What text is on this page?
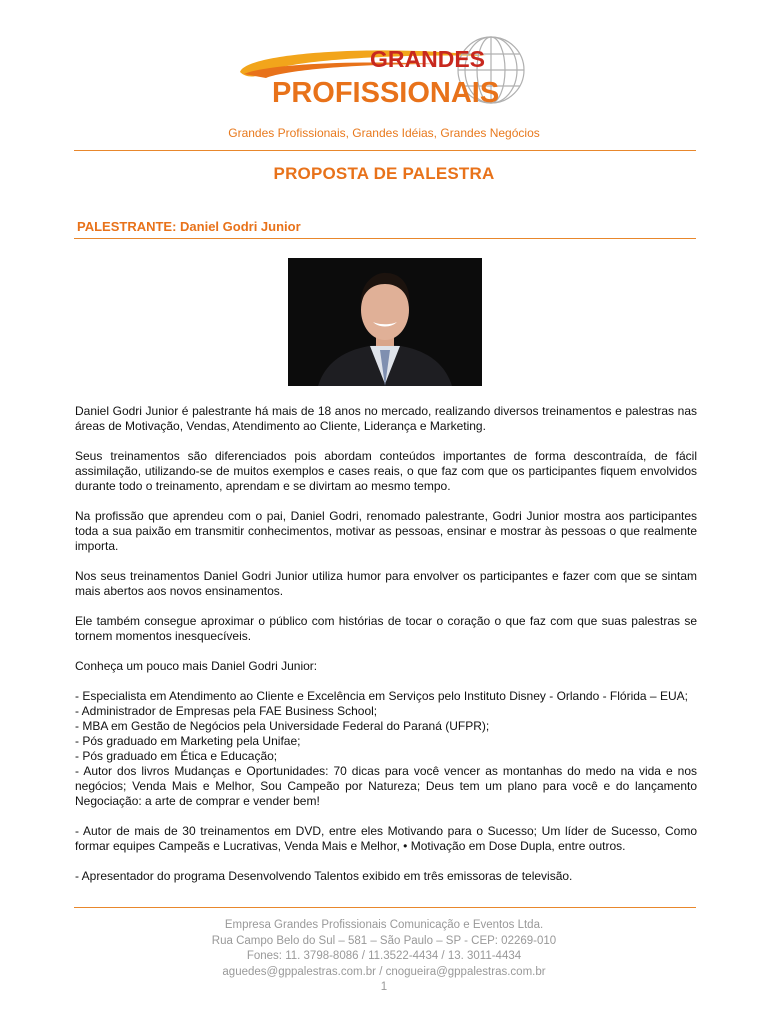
GRANDES
PROFISSIONAIS
Grandes Profissionais, Grandes Idéias, Grandes Negócios
PROPOSTA DE PALESTRA
PALESTRANTE: Daniel Godri Junior

Daniel Godri Junior é palestrante há mais de 18 anos no mercado, realizando diversos treinamentos e palestras nas áreas de Motivação, Vendas, Atendimento ao Cliente, Liderança e Marketing.

Seus treinamentos são diferenciados pois abordam conteúdos importantes de forma descontraída, de fácil assimilação, utilizando-se de muitos exemplos e cases reais, o que faz com que os participantes fiquem envolvidos durante todo o treinamento, aprendam e se divirtam ao mesmo tempo.

Na profissão que aprendeu com o pai, Daniel Godri, renomado palestrante, Godri Junior mostra aos participantes toda a sua paixão em transmitir conhecimentos, motivar as pessoas, ensinar e mostrar às pessoas o que realmente importa.

Nos seus treinamentos Daniel Godri Junior utiliza humor para envolver os participantes e fazer com que se sintam mais abertos aos novos ensinamentos.

Ele também consegue aproximar o público com histórias de tocar o coração o que faz com que suas palestras se tornem momentos inesquecíveis.

Conheça um pouco mais Daniel Godri Junior:

- Especialista em Atendimento ao Cliente e Excelência em Serviços pelo Instituto Disney - Orlando - Flórida – EUA;
- Administrador de Empresas pela FAE Business School;
- MBA em Gestão de Negócios pela Universidade Federal do Paraná (UFPR);
- Pós graduado em Marketing pela Unifae;
- Pós graduado em Ética e Educação;
- Autor dos livros Mudanças e Oportunidades: 70 dicas para você vencer as montanhas do medo na vida e nos negócios; Venda Mais e Melhor, Sou Campeão por Natureza; Deus tem um plano para você e do lançamento Negociação: a arte de comprar e vender bem!

- Autor de mais de 30 treinamentos em DVD, entre eles Motivando para o Sucesso; Um líder de Sucesso, Como formar equipes Campeãs e Lucrativas, Venda Mais e Melhor, • Motivação em Dose Dupla, entre outros.

- Apresentador do programa Desenvolvendo Talentos exibido em três emissoras de televisão.

Empresa Grandes Profissionais Comunicação e Eventos Ltda.
Rua Campo Belo do Sul – 581 – São Paulo – SP - CEP: 02269-010
Fones: 11. 3798-8086 / 11.3522-4434 / 13. 3011-4434
aguedes@gppalestras.com.br / cnogueira@gppalestras.com.br
1
